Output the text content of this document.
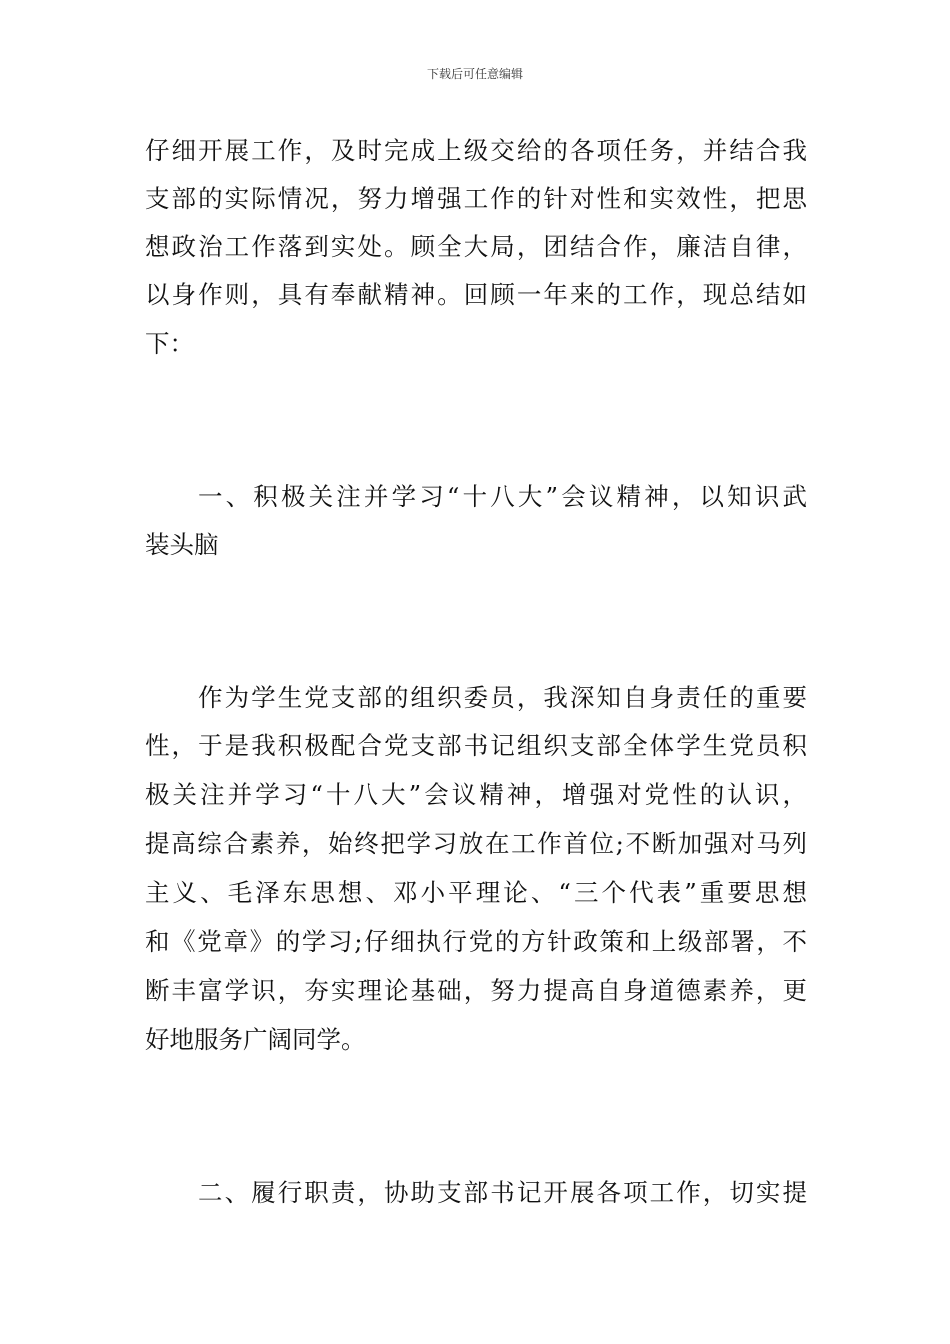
下载后可任意编辑
仔细开展工作，及时完成上级交给的各项任务，并结合我
支部的实际情况，努力增强工作的针对性和实效性，把思
想政治工作落到实处。顾全大局，团结合作，廉洁自律，
以身作则，具有奉献精神。回顾一年来的工作，现总结如
下：
一、积极关注并学习“十八大”会议精神，以知识武
装头脑
作为学生党支部的组织委员，我深知自身责任的重要
性，于是我积极配合党支部书记组织支部全体学生党员积
极关注并学习“十八大”会议精神，增强对党性的认识，
提高综合素养，始终把学习放在工作首位;不断加强对马列
主义、毛泽东思想、邓小平理论、“三个代表”重要思想
和《党章》的学习;仔细执行党的方针政策和上级部署，不
断丰富学识，夯实理论基础，努力提高自身道德素养，更
好地服务广阔同学。
二、履行职责，协助支部书记开展各项工作，切实提
